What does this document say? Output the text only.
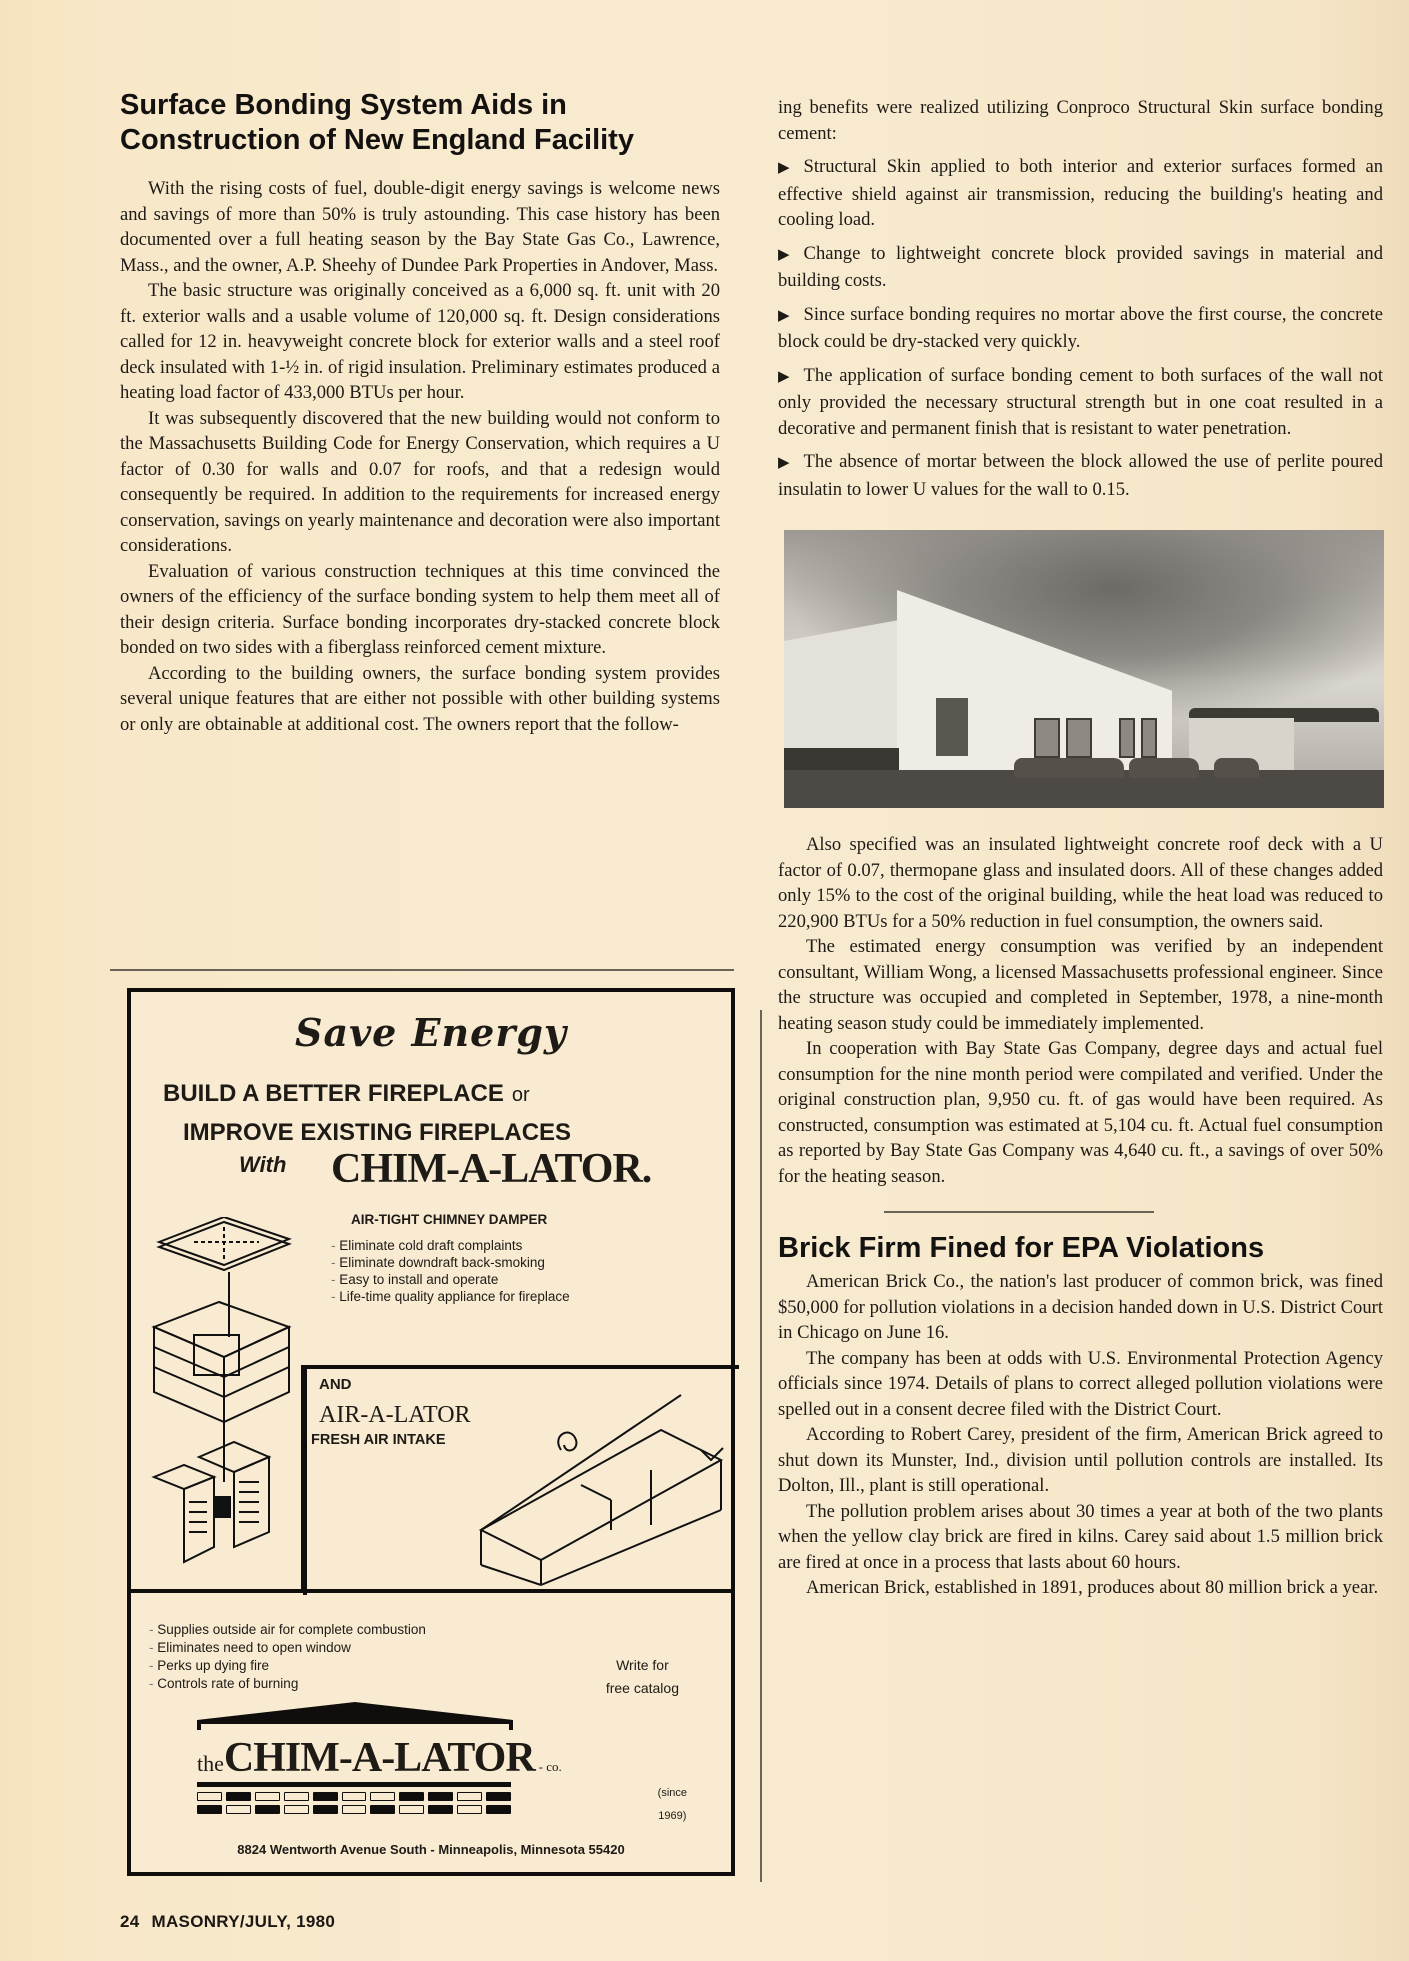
Surface Bonding System Aids in
Construction of New England Facility

With the rising costs of fuel, double-digit energy savings is welcome news and savings of more than 50% is truly astounding. This case history has been documented over a full heating season by the Bay State Gas Co., Lawrence, Mass., and the owner, A.P. Sheehy of Dundee Park Properties in Andover, Mass.

The basic structure was originally conceived as a 6,000 sq. ft. unit with 20 ft. exterior walls and a usable volume of 120,000 sq. ft. Design considerations called for 12 in. heavyweight concrete block for exterior walls and a steel roof deck insulated with 1-½ in. of rigid insulation. Preliminary estimates produced a heating load factor of 433,000 BTUs per hour.

It was subsequently discovered that the new building would not conform to the Massachusetts Building Code for Energy Conservation, which requires a U factor of 0.30 for walls and 0.07 for roofs, and that a redesign would consequently be required. In addition to the requirements for increased energy conservation, savings on yearly maintenance and decoration were also important considerations.

Evaluation of various construction techniques at this time convinced the owners of the efficiency of the surface bonding system to help them meet all of their design criteria. Surface bonding incorporates dry-stacked concrete block bonded on two sides with a fiberglass reinforced cement mixture.

According to the building owners, the surface bonding system provides several unique features that are either not possible with other building systems or only are obtainable at additional cost. The owners report that the follow-

Save Energy
BUILD A BETTER FIREPLACE or
IMPROVE EXISTING FIREPLACES
With CHIM-A-LATOR.
AIR-TIGHT CHIMNEY DAMPER
- Eliminate cold draft complaints
- Eliminate downdraft back-smoking
- Easy to install and operate
- Life-time quality appliance for fireplace
AND
AIR-A-LATOR
FRESH AIR INTAKE
- Supplies outside air for complete combustion
- Eliminates need to open window
- Perks up dying fire
- Controls rate of burning
Write for
free catalog
theCHIM-A-LATOR - co.
(since
1969)
8824 Wentworth Avenue South - Minneapolis, Minnesota 55420

ing benefits were realized utilizing Conproco Structural Skin surface bonding cement:

▶ Structural Skin applied to both interior and exterior surfaces formed an effective shield against air transmission, reducing the building's heating and cooling load.
▶ Change to lightweight concrete block provided savings in material and building costs.
▶ Since surface bonding requires no mortar above the first course, the concrete block could be dry-stacked very quickly.
▶ The application of surface bonding cement to both surfaces of the wall not only provided the necessary structural strength but in one coat resulted in a decorative and permanent finish that is resistant to water penetration.
▶ The absence of mortar between the block allowed the use of perlite poured insulatin to lower U values for the wall to 0.15.

Also specified was an insulated lightweight concrete roof deck with a U factor of 0.07, thermopane glass and insulated doors. All of these changes added only 15% to the cost of the original building, while the heat load was reduced to 220,900 BTUs for a 50% reduction in fuel consumption, the owners said.

The estimated energy consumption was verified by an independent consultant, William Wong, a licensed Massachusetts professional engineer. Since the structure was occupied and completed in September, 1978, a nine-month heating season study could be immediately implemented.

In cooperation with Bay State Gas Company, degree days and actual fuel consumption for the nine month period were compilated and verified. Under the original construction plan, 9,950 cu. ft. of gas would have been required. As constructed, consumption was estimated at 5,104 cu. ft. Actual fuel consumption as reported by Bay State Gas Company was 4,640 cu. ft., a savings of over 50% for the heating season.

Brick Firm Fined for EPA Violations

American Brick Co., the nation's last producer of common brick, was fined $50,000 for pollution violations in a decision handed down in U.S. District Court in Chicago on June 16.

The company has been at odds with U.S. Environmental Protection Agency officials since 1974. Details of plans to correct alleged pollution violations were spelled out in a consent decree filed with the District Court.

According to Robert Carey, president of the firm, American Brick agreed to shut down its Munster, Ind., division until pollution controls are installed. Its Dolton, Ill., plant is still operational.

The pollution problem arises about 30 times a year at both of the two plants when the yellow clay brick are fired in kilns. Carey said about 1.5 million brick are fired at once in a process that lasts about 60 hours.

American Brick, established in 1891, produces about 80 million brick a year.

24 MASONRY/JULY, 1980
